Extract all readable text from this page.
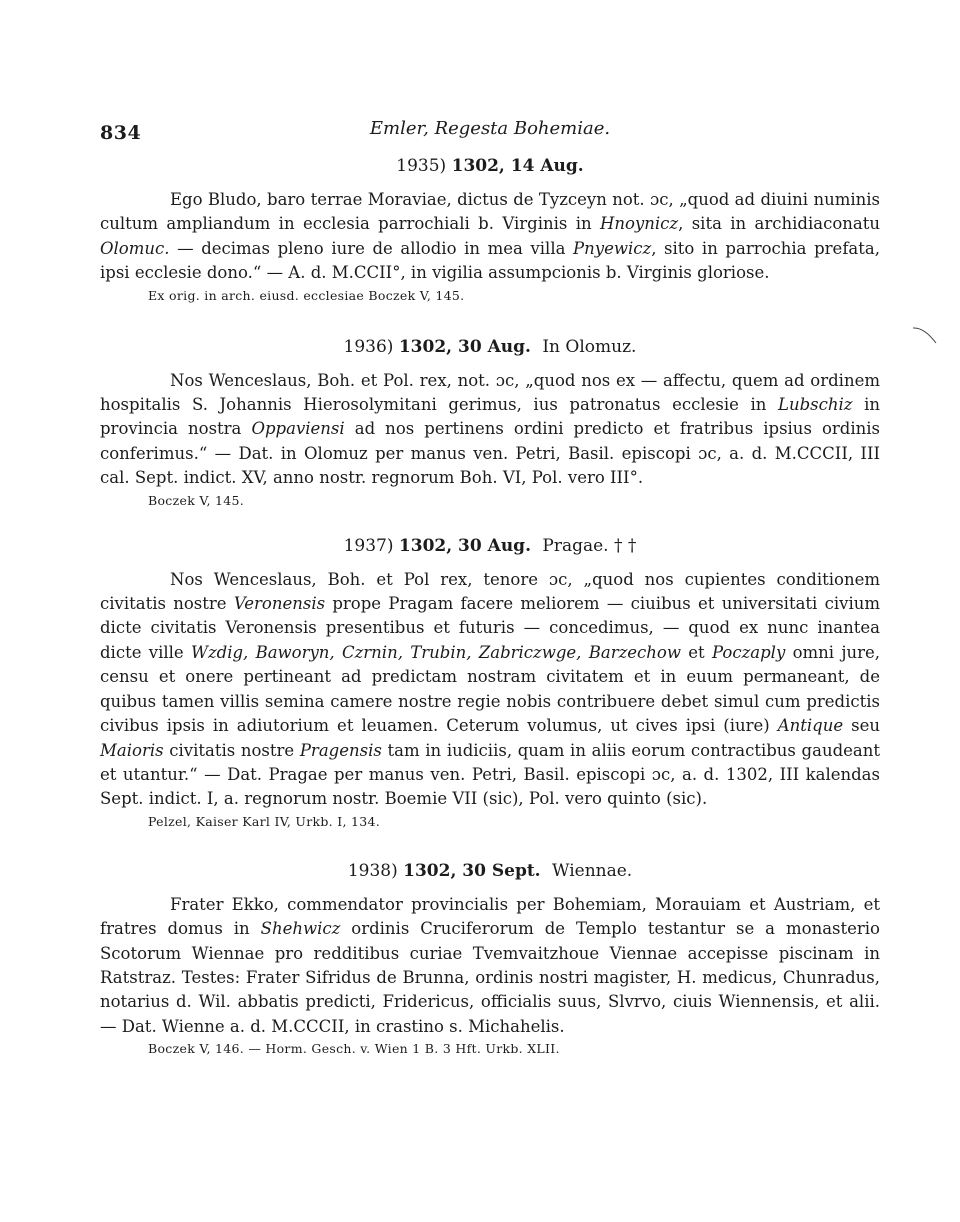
834	Emler, Regesta Bohemiae.
1935) 1302, 14 Aug.

Ego Bludo, baro terrae Moraviae, dictus de Tyzceyn not. ɔc, „quod ad diuini numinis cultum ampliandum in ecclesia parrochiali b. Virginis in Hnoynicz, sita in archidiaconatu Olomuc. — decimas pleno iure de allodio in mea villa Pnyewicz, sito in parrochia prefata, ipsi ecclesie dono.“ — A. d. M.CCII°, in vigilia assumpcionis b. Virginis gloriose.

Ex orig. in arch. eiusd. ecclesiae Boczek V, 145.
1936) 1302, 30 Aug. In Olomuz.

Nos Wenceslaus, Boh. et Pol. rex, not. ɔc, „quod nos ex — affectu, quem ad ordinem hospitalis S. Johannis Hierosolymitani gerimus, ius patronatus ecclesie in Lubschiz in provincia nostra Oppaviensi ad nos pertinens ordini predicto et fratribus ipsius ordinis conferimus.“ — Dat. in Olomuz per manus ven. Petri, Basil. episcopi ɔc, a. d. M.CCCII, III cal. Sept. indict. XV, anno nostr. regnorum Boh. VI, Pol. vero III°.

Boczek V, 145.
1937) 1302, 30 Aug. Pragae. † †

Nos Wenceslaus, Boh. et Pol rex, tenore ɔc, „quod nos cupientes conditionem civitatis nostre Veronensis prope Pragam facere meliorem — ciuibus et universitati civium dicte civitatis Veronensis presentibus et futuris — concedimus, — quod ex nunc inantea dicte ville Wzdig, Baworyn, Czrnin, Trubin, Zabriczwge, Barzechow et Poczaply omni jure, censu et onere pertineant ad predictam nostram civitatem et in euum permaneant, de quibus tamen villis semina camere nostre regie nobis contribuere debet simul cum predictis civibus ipsis in adiutorium et leuamen. Ceterum volumus, ut cives ipsi (iure) Antique seu Maioris civitatis nostre Pragensis tam in iudiciis, quam in aliis eorum contractibus gaudeant et utantur.“ — Dat. Pragae per manus ven. Petri, Basil. episcopi ɔc, a. d. 1302, III kalendas Sept. indict. I, a. regnorum nostr. Boemie VII (sic), Pol. vero quinto (sic).

Pelzel, Kaiser Karl IV, Urkb. I, 134.
1938) 1302, 30 Sept. Wiennae.

Frater Ekko, commendator provincialis per Bohemiam, Morauiam et Austriam, et fratres domus in Shehwicz ordinis Cruciferorum de Templo testantur se a monasterio Scotorum Wiennae pro redditibus curiae Tvemvaitzhoue Viennae accepisse piscinam in Ratstraz. Testes: Frater Sifridus de Brunna, ordinis nostri magister, H. medicus, Chunradus, notarius d. Wil. abbatis predicti, Fridericus, officialis suus, Slvrvo, ciuis Wiennensis, et alii. — Dat. Wienne a. d. M.CCCII, in crastino s. Michahelis.

Boczek V, 146. — Horm. Gesch. v. Wien 1 B. 3 Hft. Urkb. XLII.
